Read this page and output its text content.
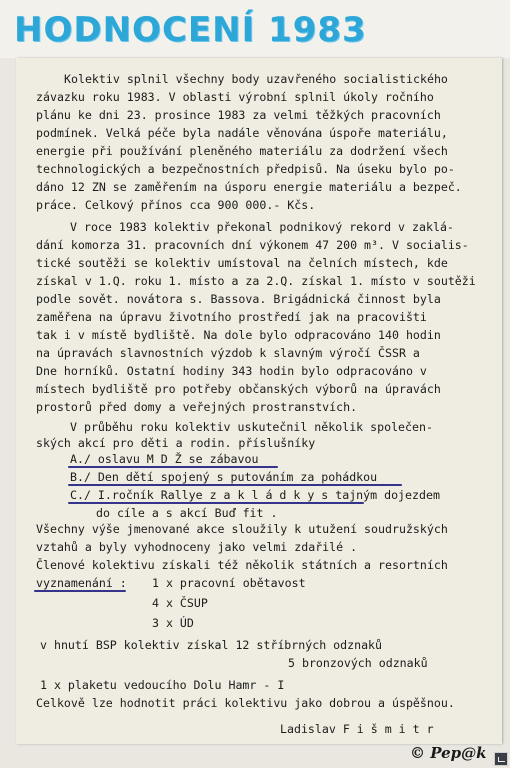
HODNOCENÍ 1983
Kolektiv splnil všechny body uzavřeného socialistického
závazku roku 1983. V oblasti výrobní splnil úkoly ročního
plánu ke dni 23. prosince 1983 za velmi těžkých pracovních
podmínek. Velká péče byla nadále věnována úspoře materiálu,
energie při používání pleněného materiálu za dodržení všech
technologických a bezpečnostních předpisů. Na úseku bylo po-
dáno 12 ZN se zaměřením na úsporu energie materiálu a bezpeč.
práce. Celkový přínos cca 900 000.- Kčs.
V roce 1983 kolektiv překonal podnikový rekord v zaklá-
dání komorza 31. pracovních dní výkonem 47 200 m³. V socialis-
tické soutěži se kolektiv umístoval na čelních místech, kde
získal v 1.Q. roku 1. místo a za 2.Q. získal 1. místo v soutěži
podle sovět. novátora s. Bassova. Brigádnická činnost byla
zaměřena na úpravu životního prostředí jak na pracovišti
tak i v místě bydliště. Na dole bylo odpracováno 140 hodin
na úpravách slavnostních výzdob k slavným výročí ČSSR a
Dne horníků. Ostatní hodiny 343 hodin bylo odpracováno v
místech bydliště pro potřeby občanských výborů na úpravách
prostorů před domy a veřejných prostranstvích.
V průběhu roku kolektiv uskutečnil několik společen-
ských akcí pro děti a rodin. příslušníky
A./ oslavu M D Ž se zábavou
B./ Den dětí spojený s putováním za pohádkou
C./ I.ročník Rallye z a k l á d k y s tajným dojezdem
do cíle a s akcí Buď fit .
Všechny výše jmenované akce sloužily k utužení soudružských
vztahů a byly vyhodnoceny jako velmi zdařilé .
Členové kolektivu získali též několik státních a resortních
vyznamenání : 1 x pracovní obětavost
4 x ČSUP
3 x ÚD
v hnutí BSP kolektiv získal 12 stříbrných odznaků
5 bronzových odznaků
1 x plaketu vedoucího Dolu Hamr - I
Celkově lze hodnotit práci kolektivu jako dobrou a úspěšnou.
Ladislav F i š m i t r
© Pep@k
